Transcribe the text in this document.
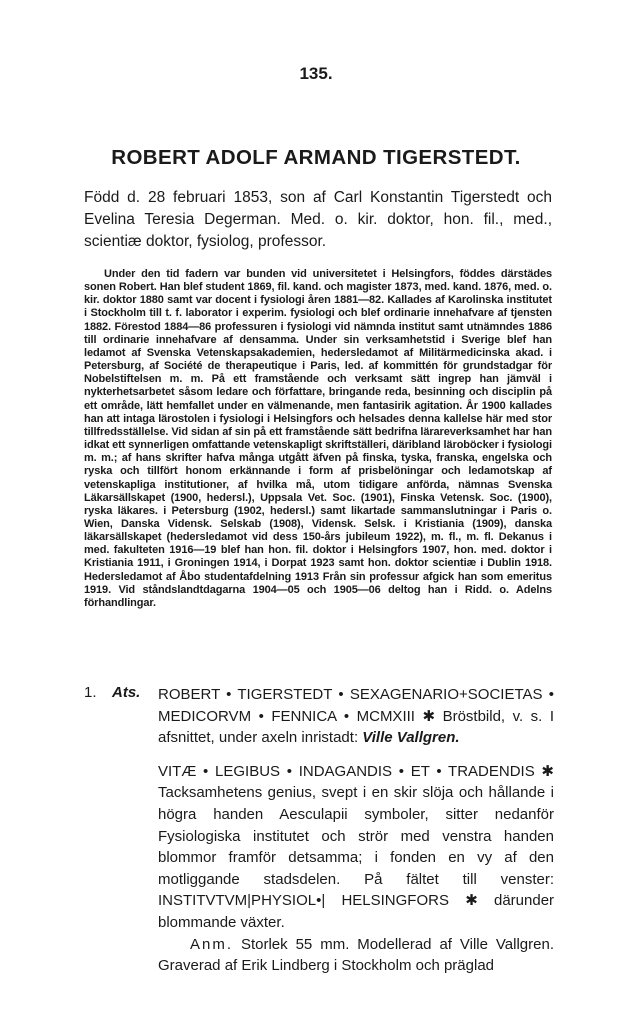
135.
ROBERT ADOLF ARMAND TIGERSTEDT.
Född d. 28 februari 1853, son af Carl Konstantin Tigerstedt och Evelina Teresia Degerman. Med. o. kir. doktor, hon. fil., med., scientiæ doktor, fysiolog, professor.
Under den tid fadern var bunden vid universitetet i Helsingfors, föddes därstädes sonen Robert. Han blef student 1869, fil. kand. och magister 1873, med. kand. 1876, med. o. kir. doktor 1880 samt var docent i fysiologi åren 1881—82. Kallades af Karolinska institutet i Stockholm till t. f. laborator i experim. fysiologi och blef ordinarie innehafvare af tjensten 1882. Förestod 1884—86 professuren i fysiologi vid nämnda institut samt utnämndes 1886 till ordinarie innehafvare af densamma. Under sin verksamhetstid i Sverige blef han ledamot af Svenska Vetenskapsakademien, hedersledamot af Militärmedicinska akad. i Petersburg, af Société de therapeutique i Paris, led. af kommittén för grundstadgar för Nobelstiftelsen m. m. På ett framstående och verksamt sätt ingrep han jämväl i nykterhetsarbetet såsom ledare och författare, bringande reda, besinning och disciplin på ett område, lätt hemfallet under en välmenande, men fantasirik agitation. År 1900 kallades han att intaga lärostolen i fysiologi i Helsingfors och helsades denna kallelse här med stor tillfredsställelse. Vid sidan af sin på ett framstående sätt bedrifna lärareverksamhet har han idkat ett synnerligen omfattande vetenskapligt skriftställeri, däribland läroböcker i fysiologi m. m.; af hans skrifter hafva många utgått äfven på finska, tyska, franska, engelska och ryska och tillfört honom erkännande i form af prisbelöningar och ledamotskap af vetenskapliga institutioner, af hvilka må, utom tidigare anförda, nämnas Svenska Läkarsällskapet (1900, hedersl.), Uppsala Vet. Soc. (1901), Finska Vetensk. Soc. (1900), ryska läkares. i Petersburg (1902, hedersl.) samt likartade sammanslutningar i Paris o. Wien, Danska Vidensk. Selskab (1908), Vidensk. Selsk. i Kristiania (1909), danska läkarsällskapet (hedersledamot vid dess 150-års jubileum 1922), m. fl., m. fl. Dekanus i med. fakulteten 1916—19 blef han hon. fil. doktor i Helsingfors 1907, hon. med. doktor i Kristiania 1911, i Groningen 1914, i Dorpat 1923 samt hon. doktor scientiæ i Dublin 1918. Hedersledamot af Åbo studentafdelning 1913 Från sin professur afgick han som emeritus 1919. Vid ståndslandtdagarna 1904—05 och 1905—06 deltog han i Ridd. o. Adelns förhandlingar.
1. Ats. ROBERT • TIGERSTEDT • SEXAGENARIO+SOCIETAS • MEDICORVM • FENNICA • MCMXIII ✱ Bröstbild, v. s. I afsnittet, under axeln inristadt: Ville Vallgren.

VITÆ • LEGIBUS • INDAGANDIS • ET • TRADENDIS ✱ Tacksamhetens genius, svept i en skir slöja och hållande i högra handen Aesculapii symboler, sitter nedanför Fysiologiska institutet och strör med venstra handen blommor framför detsamma; i fonden en vy af den motliggande stadsdelen. På fältet till venster: INSTITVTVM|PHYSIOL•| HELSINGFORS ✱ därunder blommande växter.

Anm. Storlek 55 mm. Modellerad af Ville Vallgren. Graverad af Erik Lindberg i Stockholm och präglad
